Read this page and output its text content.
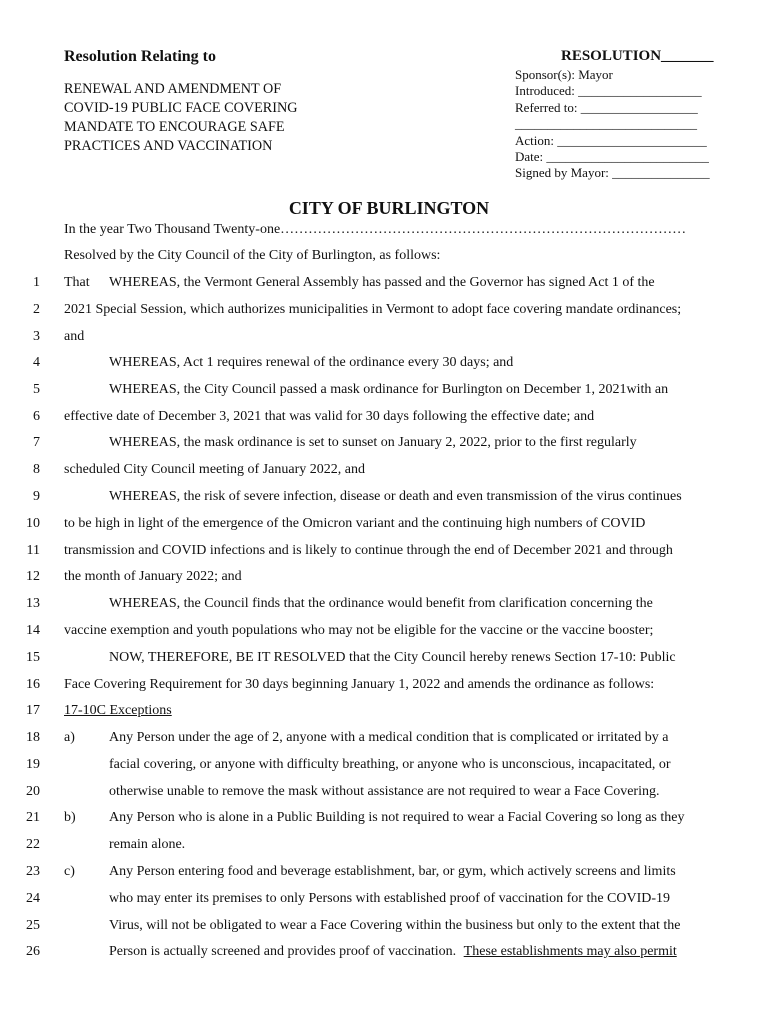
Resolution Relating to
RENEWAL AND AMENDMENT OF
COVID-19 PUBLIC FACE COVERING
MANDATE TO ENCOURAGE SAFE
PRACTICES AND VACCINATION
RESOLUTION_______
Sponsor(s): Mayor
Introduced: ___________________
Referred to: __________________
____________________________
Action: _______________________
Date: _________________________
Signed by Mayor: _______________
CITY OF BURLINGTON
In the year Two Thousand Twenty-one……………………………………………………………………………
Resolved by the City Council of the City of Burlington, as follows:
1 That WHEREAS, the Vermont General Assembly has passed and the Governor has signed Act 1 of the
2 2021 Special Session, which authorizes municipalities in Vermont to adopt face covering mandate ordinances;
3 and
4	WHEREAS, Act 1 requires renewal of the ordinance every 30 days; and
5	WHEREAS, the City Council passed a mask ordinance for Burlington on December 1, 2021with an
6 effective date of December 3, 2021 that was valid for 30 days following the effective date; and
7	WHEREAS, the mask ordinance is set to sunset on January 2, 2022, prior to the first regularly
8 scheduled City Council meeting of January 2022, and
9	WHEREAS, the risk of severe infection, disease or death and even transmission of the virus continues
10 to be high in light of the emergence of the Omicron variant and the continuing high numbers of COVID
11 transmission and COVID infections and is likely to continue through the end of December 2021 and through
12 the month of January 2022; and
13	WHEREAS, the Council finds that the ordinance would benefit from clarification concerning the
14 vaccine exemption and youth populations who may not be eligible for the vaccine or the vaccine booster;
15	NOW, THEREFORE, BE IT RESOLVED that the City Council hereby renews Section 17-10: Public
16 Face Covering Requirement for 30 days beginning January 1, 2022 and amends the ordinance as follows:
17 17-10C Exceptions
18 a) Any Person under the age of 2, anyone with a medical condition that is complicated or irritated by a
19	facial covering, or anyone with difficulty breathing, or anyone who is unconscious, incapacitated, or
20	otherwise unable to remove the mask without assistance are not required to wear a Face Covering.
21 b) Any Person who is alone in a Public Building is not required to wear a Facial Covering so long as they
22	remain alone.
23 c) Any Person entering food and beverage establishment, bar, or gym, which actively screens and limits
24	who may enter its premises to only Persons with established proof of vaccination for the COVID-19
25	Virus, will not be obligated to wear a Face Covering within the business but only to the extent that the
26	Person is actually screened and provides proof of vaccination. These establishments may also permit
